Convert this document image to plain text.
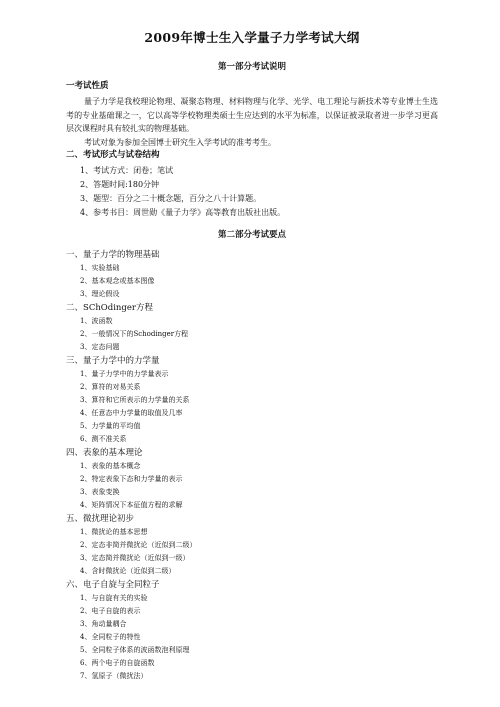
2009年博士生入学量子力学考试大纲
第一部分考试说明
一考试性质

量子力学是我校理论物理、凝聚态物理、材料物理与化学、光学、电工理论与新技术等专业博士生选考的专业基础课之一，它以高等学校物理类硕士生应达到的水平为标准，以保证被录取者进一步学习更高层次课程时具有较扎实的物理基础。

考试对象为参加全国博士研究生入学考试的准考考生。

二、考试形式与试卷结构
1、考试方式：闭卷；笔试
2、答题时间:180分钟
3、题型：百分之二十概念题，百分之八十计算题。
4、参考书目：周世勋《量子力学》高等教育出版社出版。
第二部分考试要点
一、量子力学的物理基础
1、实验基础
2、基本观念或基本图像
3、理论假设
二、SChOdinger方程
1、波函数
2、一般情况下的Schodinger方程
3、定态问题
三、量子力学中的力学量
1、量子力学中的力学量表示
2、算符的对易关系
3、算符和它所表示的力学量的关系
4、任意态中力学量的取值及几率
5、力学量的平均值
6、测不准关系
四、表象的基本理论
1、表象的基本概念
2、特定表象下态和力学量的表示
3、表象变换
4、矩阵情况下本征值方程的求解
五、微扰理论初步
1、微扰论的基本思想
2、定态非简并微扰论（近似到二级）
3、定态简并微扰论（近似到一级）
4、含时微扰论（近似到二级）
六、电子自旋与全同粒子
1、与自旋有关的实验
2、电子自旋的表示
3、角动量耦合
4、全同粒子的特性
5、全同粒子体系的波函数泡利原理
6、两个电子的自旋函数
7、氢原子（微扰法）
